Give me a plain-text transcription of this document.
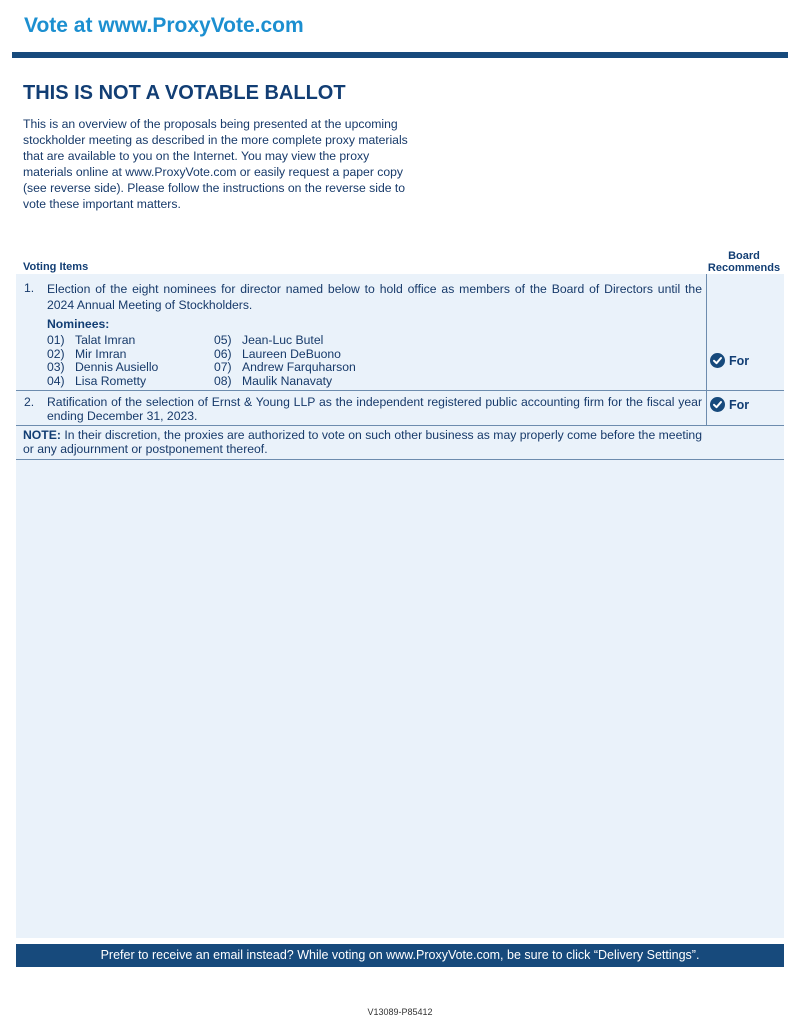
Vote at www.ProxyVote.com
THIS IS NOT A VOTABLE BALLOT
This is an overview of the proposals being presented at the upcoming stockholder meeting as described in the more complete proxy materials that are available to you on the Internet. You may view the proxy materials online at www.ProxyVote.com or easily request a paper copy (see reverse side). Please follow the instructions on the reverse side to vote these important matters.
Board Recommends
Voting Items
1. Election of the eight nominees for director named below to hold office as members of the Board of Directors until the 2024 Annual Meeting of Stockholders.
Nominees:
01) Talat Imran
02) Mir Imran
03) Dennis Ausiello
04) Lisa Rometty
05) Jean-Luc Butel
06) Laureen DeBuono
07) Andrew Farquharson
08) Maulik Nanavaty
For
2. Ratification of the selection of Ernst & Young LLP as the independent registered public accounting firm for the fiscal year ending December 31, 2023.
For
NOTE: In their discretion, the proxies are authorized to vote on such other business as may properly come before the meeting or any adjournment or postponement thereof.
Prefer to receive an email instead? While voting on www.ProxyVote.com, be sure to click “Delivery Settings”.
V13089-P85412
